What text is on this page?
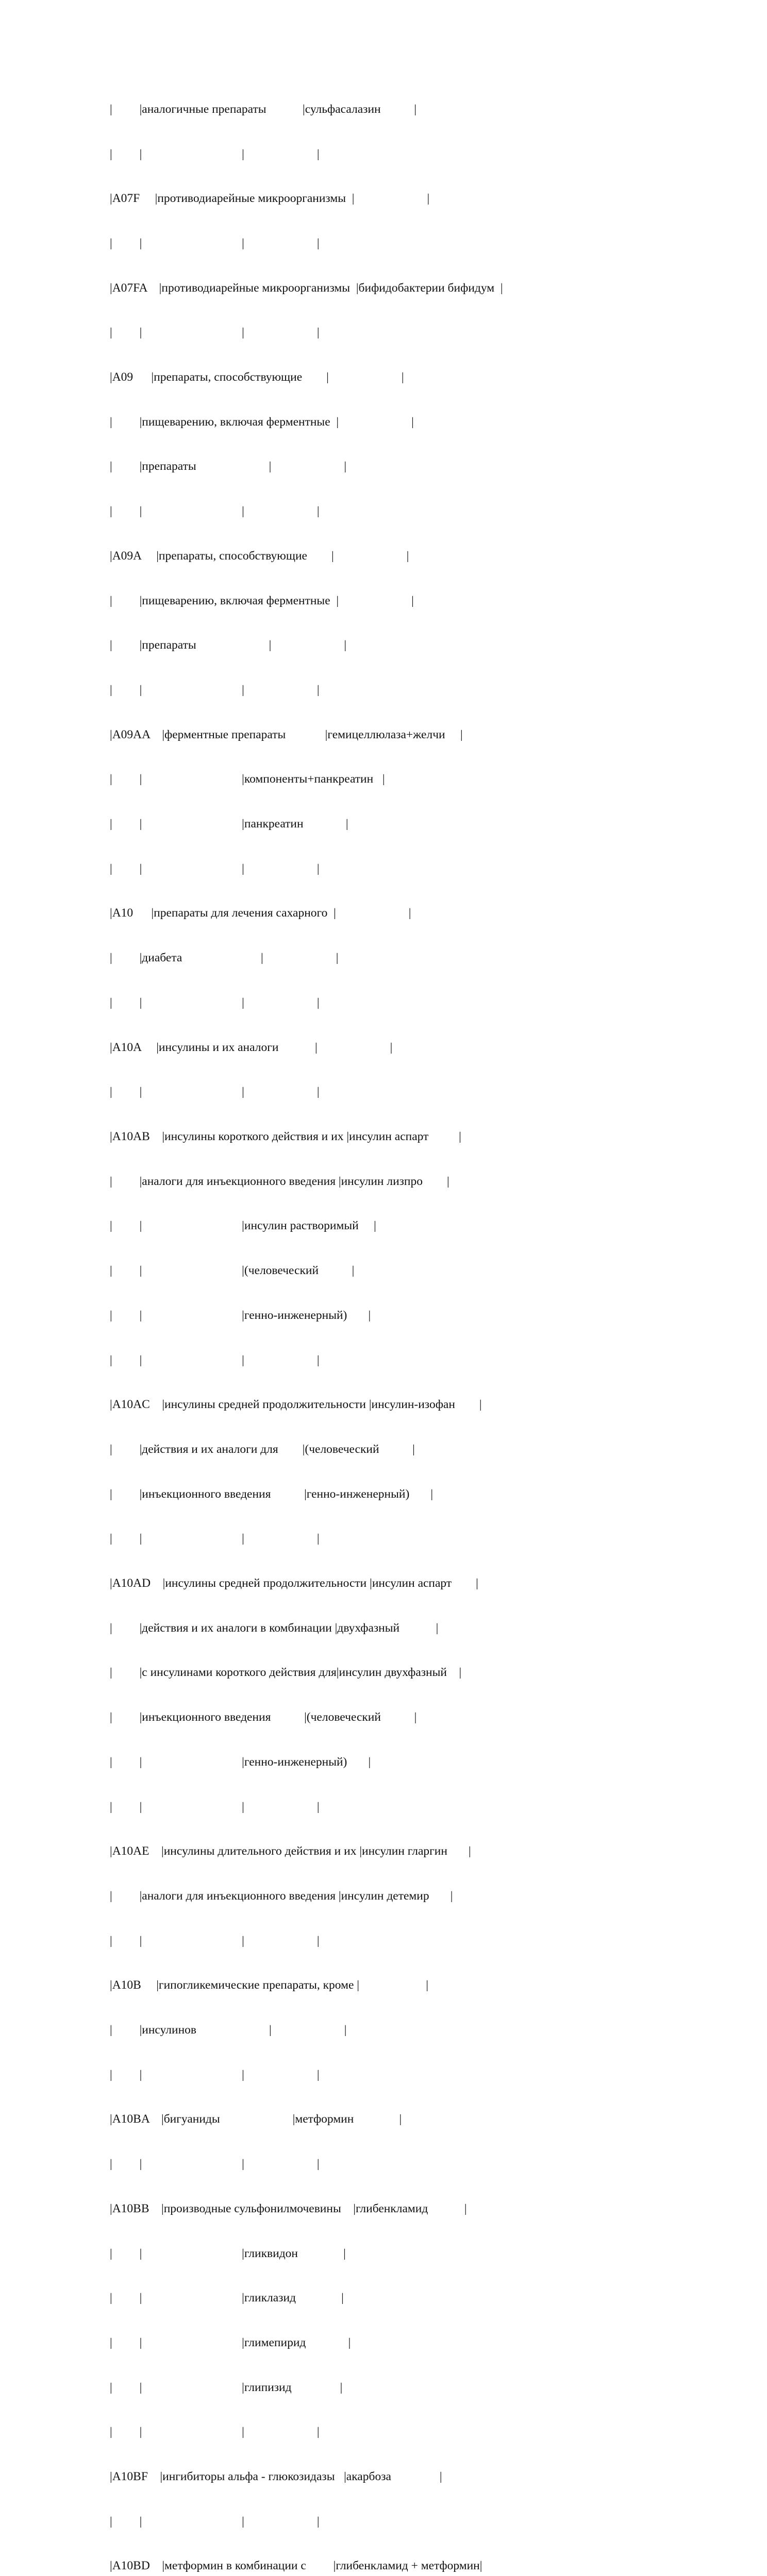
|         |аналогичные препараты            |сульфасалазин           |

|         |                                 |                        |

|A07F     |противодиарейные микроорганизмы  |                        |

|         |                                 |                        |

|A07FA    |противодиарейные микроорганизмы  |бифидобактерии бифидум  |

|         |                                 |                        |

|A09      |препараты, способствующие        |                        |

|         |пищеварению, включая ферментные  |                        |

|         |препараты                        |                        |

|         |                                 |                        |

|A09A     |препараты, способствующие        |                        |

|         |пищеварению, включая ферментные  |                        |

|         |препараты                        |                        |

|         |                                 |                        |

|A09AA    |ферментные препараты             |гемицеллюлаза+желчи     |

|         |                                 |компоненты+панкреатин   |

|         |                                 |панкреатин              |

|         |                                 |                        |

|A10      |препараты для лечения сахарного  |                        |

|         |диабета                          |                        |

|         |                                 |                        |

|A10A     |инсулины и их аналоги            |                        |

|         |                                 |                        |

|A10AB    |инсулины короткого действия и их |инсулин аспарт          |

|         |аналоги для инъекционного введения |инсулин лизпро        |

|         |                                 |инсулин растворимый     |

|         |                                 |(человеческий           |

|         |                                 |генно-инженерный)       |

|         |                                 |                        |

|A10AC    |инсулины средней продолжительности |инсулин-изофан        |

|         |действия и их аналоги для        |(человеческий           |

|         |инъекционного введения           |генно-инженерный)       |

|         |                                 |                        |

|A10AD    |инсулины средней продолжительности |инсулин аспарт        |

|         |действия и их аналоги в комбинации |двухфазный            |

|         |с инсулинами короткого действия для|инсулин двухфазный    |

|         |инъекционного введения           |(человеческий           |

|         |                                 |генно-инженерный)       |

|         |                                 |                        |

|A10AE    |инсулины длительного действия и их |инсулин гларгин       |

|         |аналоги для инъекционного введения |инсулин детемир       |

|         |                                 |                        |

|A10B     |гипогликемические препараты, кроме |                      |

|         |инсулинов                        |                        |

|         |                                 |                        |

|A10BA    |бигуаниды                        |метформин               |

|         |                                 |                        |

|A10BB    |производные сульфонилмочевины    |глибенкламид            |

|         |                                 |гликвидон               |

|         |                                 |гликлазид               |

|         |                                 |глимепирид              |

|         |                                 |глипизид                |

|         |                                 |                        |

|A10BF    |ингибиторы альфа - глюкозидазы   |акарбоза                |

|         |                                 |                        |

|A10BD    |метформин в комбинации с         |глибенкламид + метформин|
